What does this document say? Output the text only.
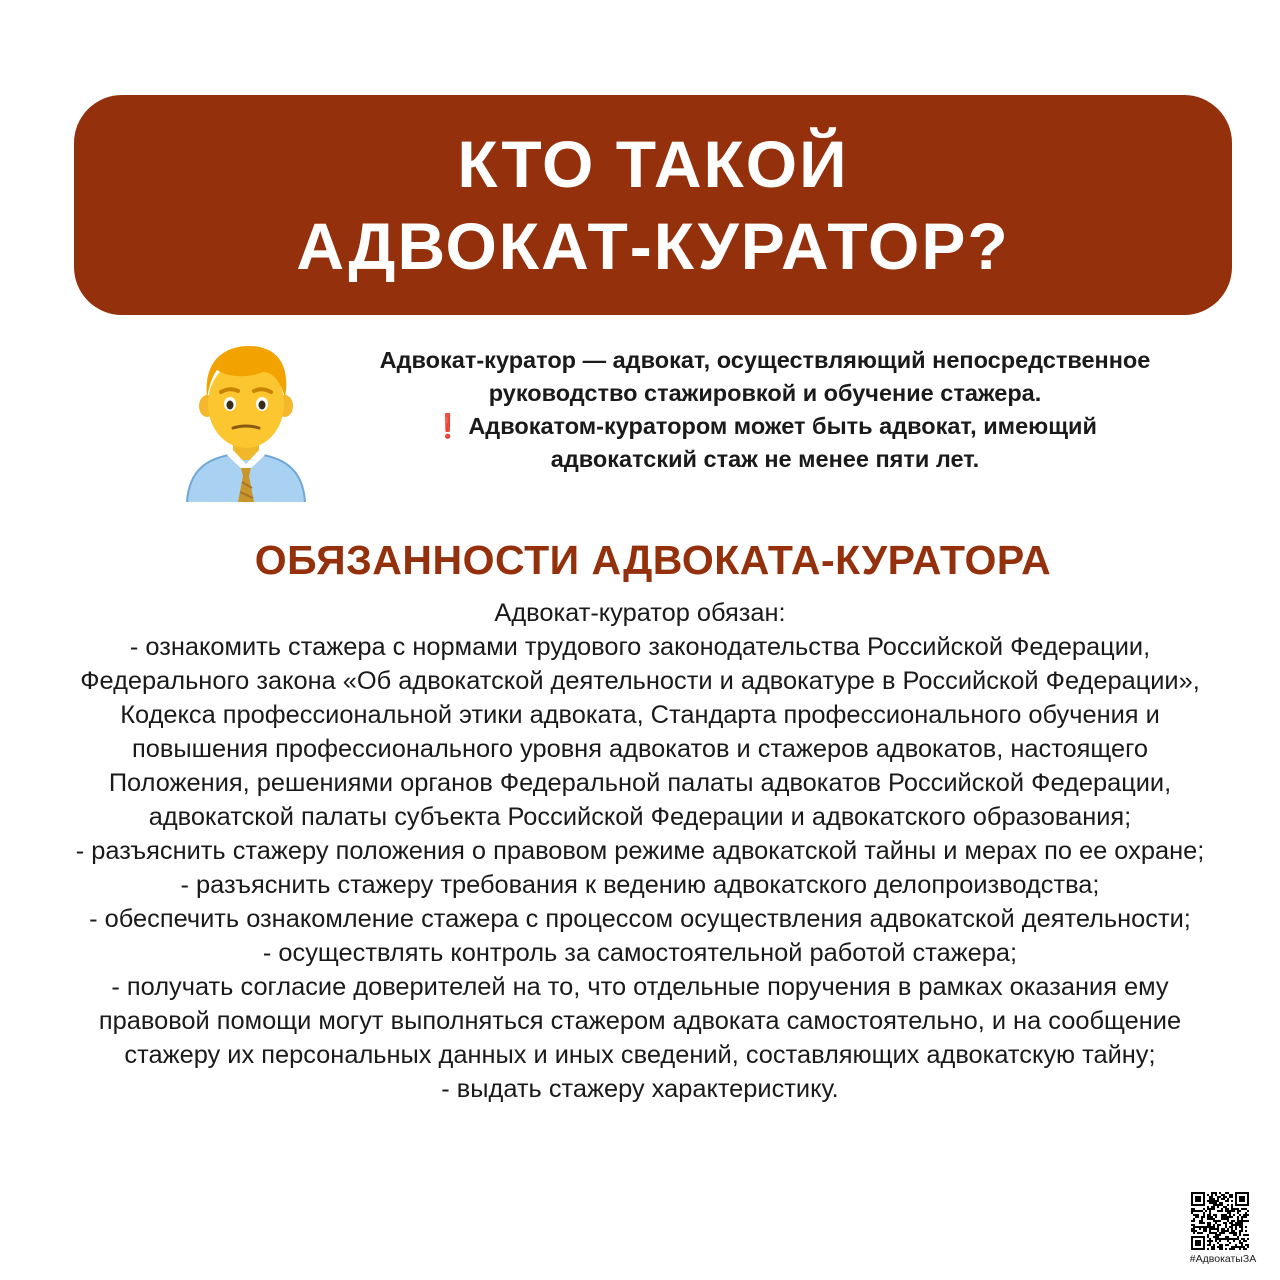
КТО ТАКОЙ
АДВОКАТ-КУРАТОР?

Адвокат-куратор — адвокат, осуществляющий непосредственное руководство стажировкой и обучение стажера.

❗ Адвокатом-куратором может быть адвокат, имеющий адвокатский стаж не менее пяти лет.

ОБЯЗАННОСТИ АДВОКАТА-КУРАТОРА

Адвокат-куратор обязан:

- ознакомить стажера с нормами трудового законодательства Российской Федерации, Федерального закона «Об адвокатской деятельности и адвокатуре в Российской Федерации», Кодекса профессиональной этики адвоката, Стандарта профессионального обучения и повышения профессионального уровня адвокатов и стажеров адвокатов, настоящего Положения, решениями органов Федеральной палаты адвокатов Российской Федерации, адвокатской палаты субъекта Российской Федерации и адвокатского образования;

- разъяснить стажеру положения о правовом режиме адвокатской тайны и мерах по ее охране;

- разъяснить стажеру требования к ведению адвокатского делопроизводства;

- обеспечить ознакомление стажера с процессом осуществления адвокатской деятельности;

- осуществлять контроль за самостоятельной работой стажера;

- получать согласие доверителей на то, что отдельные поручения в рамках оказания ему правовой помощи могут выполняться стажером адвоката самостоятельно, и на сообщение стажеру их персональных данных и иных сведений, составляющих адвокатскую тайну;

- выдать стажеру характеристику.

#АдвокатыЗА
